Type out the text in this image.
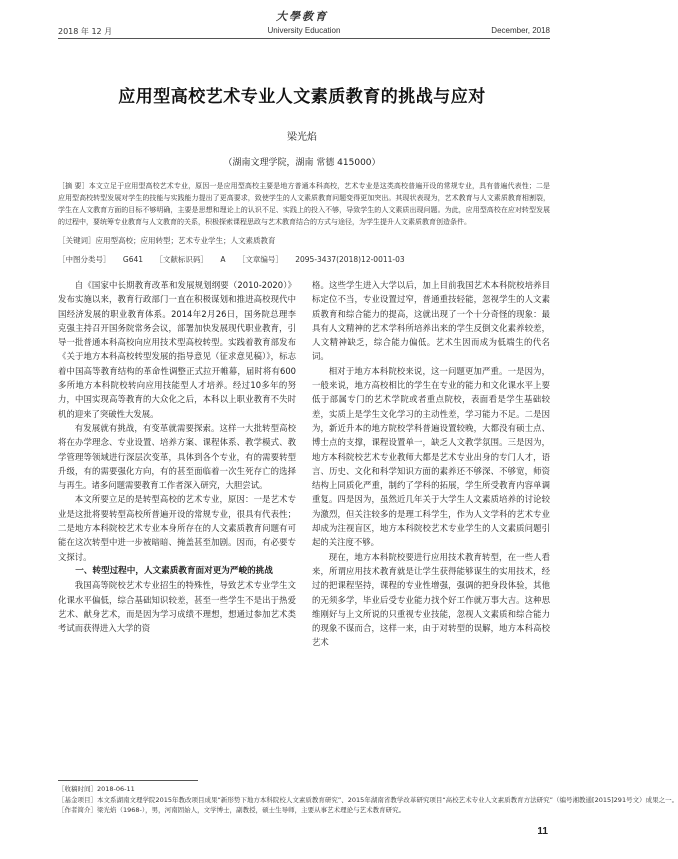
大學教育
2018 年 12 月	University Education	December, 2018
应用型高校艺术专业人文素质教育的挑战与应对
梁光焰
（湖南文理学院，湖南 常德 415000）
［摘 要］本文立足于应用型高校艺术专业，原因一是应用型高校主要是地方普通本科高校，艺术专业是这类高校普遍开设的常规专业，具有普遍代表性；二是应用型高校转型发展对学生的技能与实践能力提出了更高要求，致使学生的人文素质教育问题变得更加突出。其现状表现为，艺术教育与人文素质教育相割裂，学生在人文教育方面的目标不够明确，主要是思想和理论上的认识不足、实践上的投入不够，导致学生的人文素质出现问题。为此，应用型高校在应对转型发展的过程中，要统筹专业教育与人文教育的关系，积极探索课程思政与艺术教育结合的方式与途径，为学生提升人文素质教育创造条件。
［关键词］应用型高校；应用转型；艺术专业学生；人文素质教育
［中图分类号］ G641 ［文献标识码］ A ［文章编号］ 2095-3437(2018)12-0011-03

自《国家中长期教育改革和发展规划纲要（2010-2020）》发布实施以来，教育行政部门一直在积极谋划和推进高校现代中国经济发展的职业教育体系。2014年2月26日，国务院总理李克强主持召开国务院常务会议，部署加快发展现代职业教育，引导一批普通本科高校向应用技术型高校转型。实践着教育部发布《关于地方本科高校转型发展的指导意见（征求意见稿）》，标志着中国高等教育结构的革命性调整正式拉开帷幕，届时将有600多所地方本科院校转向应用技能型人才培养。经过10多年的努力，中国实现高等教育的大众化之后，本科以上职业教育不失时机的迎来了突破性大发展。

有发展就有挑战，有变革就需要探索。这样一大批转型高校将在办学理念、专业设置、培养方案、课程体系、教学模式、教学管理等领域进行深层次变革，具体到各个专业，有的需要转型升级，有的需要强化方向，有的甚至面临着一次生死存亡的选择与再生。诸多问题需要教育工作者深入研究，大胆尝试。

本文所要立足的是转型高校的艺术专业，原因：一是艺术专业是这批将要转型高校所普遍开设的常规专业，很具有代表性；二是地方本科院校艺术专业本身所存在的人文素质教育问题有可能在这次转型中进一步被暗暗、掩盖甚至加剧。因而，有必要专文探讨。

一、转型过程中，人文素质教育面对更为严峻的挑战

我国高等院校艺术专业招生的特殊性，导致艺术专业学生文化课水平偏低，综合基础知识较差，甚至一些学生不是出于热爱艺术、献身艺术，而是因为学习成绩不理想，想通过参加艺术类考试而获得进入大学的资

格。这些学生进入大学以后，加上目前我国艺术本科院校培养目标定位不当，专业设置过窄，普通重技轻能，忽视学生的人文素质教育和综合能力的提高，这就出现了一个十分奇怪的现象：最具有人文精神的艺术学科所培养出来的学生反倒文化素养较差，人文精神缺乏，综合能力偏低。艺术生因而成为低端生的代名词。

相对于地方本科院校来说，这一问题更加严重。一是因为，一般来说，地方高校相比的学生在专业的能力和文化课水平上要低于部属专门的艺术学院或者重点院校，表面看是学生基础较差，实质上是学生文化学习的主动性差，学习能力不足。二是因为，新近升本的地方院校学科普遍设置较晚，大都没有硕士点、博士点的支撑，课程设置单一，缺乏人文教学氛围。三是因为，地方本科院校艺术专业教师大都是艺术专业出身的专门人才，语言、历史、文化和科学知识方面的素养还不够深、不够宽，师资结构上同质化严重，制约了学科的拓展，学生所受教育内容单调重复。四是因为，虽然近几年关于大学生人文素质培养的讨论较为激烈，但关注较多的是理工科学生，作为人文学科的艺术专业却成为注视盲区，地方本科院校艺术专业学生的人文素质问题引起的关注度不够。

现在，地方本科院校要进行应用技术教育转型，在一些人看来，所谓应用技术教育就是让学生获得能够谋生的实用技术，经过的把课程坚持，课程的专业性增强，强调的把身段体验，其他的无须多学，毕业后受专业能力找个好工作就万事大吉。这种思维刚好与上文所说的只重视专业技能，忽视人文素质和综合能力的现象不谋而合，这样一来，由于对转型的误解，地方本科高校艺术

［收稿时间］2018-06-11
［基金项目］本文系湖南文理学院2015年教改项目成果“新形势下地方本科院校人文素质教育研究”、2015年湖南省教学改革研究项目“高校艺术专业人文素质教育方法研究”（编号湘教通[2015]291号文）成果之一。
［作者简介］梁光焰（1968-），男，河南固始人，文学博士，副教授，硕士生导师，主要从事艺术理论与艺术教育研究。
11
